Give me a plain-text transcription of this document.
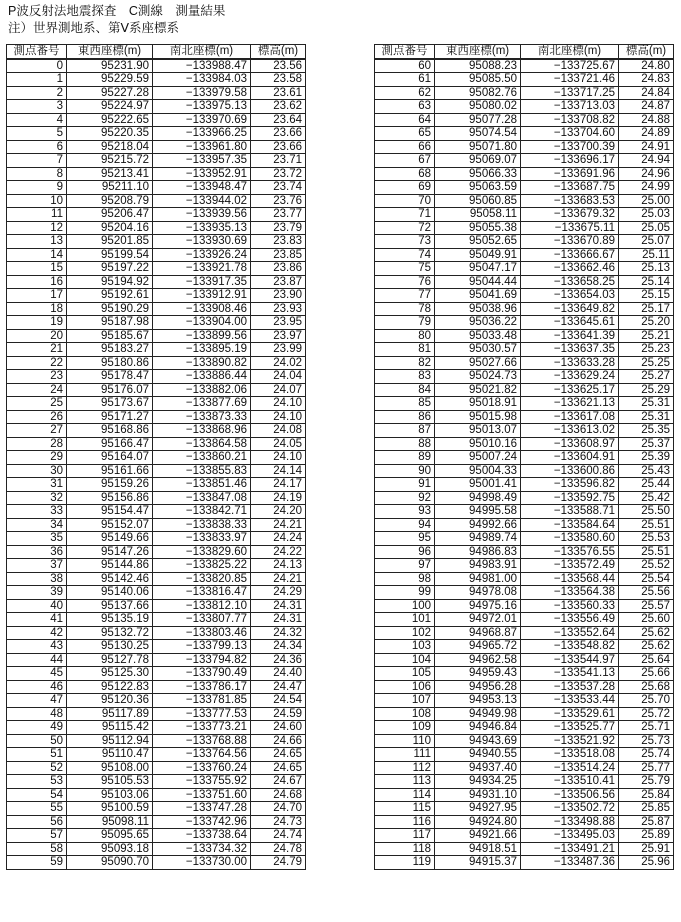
P波反射法地震探査　C測線　測量結果
注）世界測地系、第Ⅴ系座標系
測点番号	東西座標(m)	南北座標(m)	標高(m)
0	95231.90	−133988.47	23.56
1	95229.59	−133984.03	23.58
2	95227.28	−133979.58	23.61
3	95224.97	−133975.13	23.62
4	95222.65	−133970.69	23.64
5	95220.35	−133966.25	23.66
6	95218.04	−133961.80	23.66
7	95215.72	−133957.35	23.71
8	95213.41	−133952.91	23.72
9	95211.10	−133948.47	23.74
10	95208.79	−133944.02	23.76
11	95206.47	−133939.56	23.77
12	95204.16	−133935.13	23.79
13	95201.85	−133930.69	23.83
14	95199.54	−133926.24	23.85
15	95197.22	−133921.78	23.86
16	95194.92	−133917.35	23.87
17	95192.61	−133912.91	23.90
18	95190.29	−133908.46	23.93
19	95187.98	−133904.00	23.95
20	95185.67	−133899.56	23.97
21	95183.27	−133895.19	23.99
22	95180.86	−133890.82	24.02
23	95178.47	−133886.44	24.04
24	95176.07	−133882.06	24.07
25	95173.67	−133877.69	24.10
26	95171.27	−133873.33	24.10
27	95168.86	−133868.96	24.08
28	95166.47	−133864.58	24.05
29	95164.07	−133860.21	24.10
30	95161.66	−133855.83	24.14
31	95159.26	−133851.46	24.17
32	95156.86	−133847.08	24.19
33	95154.47	−133842.71	24.20
34	95152.07	−133838.33	24.21
35	95149.66	−133833.97	24.24
36	95147.26	−133829.60	24.22
37	95144.86	−133825.22	24.13
38	95142.46	−133820.85	24.21
39	95140.06	−133816.47	24.29
40	95137.66	−133812.10	24.31
41	95135.19	−133807.77	24.31
42	95132.72	−133803.46	24.32
43	95130.25	−133799.13	24.34
44	95127.78	−133794.82	24.36
45	95125.30	−133790.49	24.40
46	95122.83	−133786.17	24.47
47	95120.36	−133781.85	24.54
48	95117.89	−133777.53	24.59
49	95115.42	−133773.21	24.60
50	95112.94	−133768.88	24.66
51	95110.47	−133764.56	24.65
52	95108.00	−133760.24	24.65
53	95105.53	−133755.92	24.67
54	95103.06	−133751.60	24.68
55	95100.59	−133747.28	24.70
56	95098.11	−133742.96	24.73
57	95095.65	−133738.64	24.74
58	95093.18	−133734.32	24.78
59	95090.70	−133730.00	24.79
測点番号	東西座標(m)	南北座標(m)	標高(m)
60	95088.23	−133725.67	24.80
61	95085.50	−133721.46	24.83
62	95082.76	−133717.25	24.84
63	95080.02	−133713.03	24.87
64	95077.28	−133708.82	24.88
65	95074.54	−133704.60	24.89
66	95071.80	−133700.39	24.91
67	95069.07	−133696.17	24.94
68	95066.33	−133691.96	24.96
69	95063.59	−133687.75	24.99
70	95060.85	−133683.53	25.00
71	95058.11	−133679.32	25.03
72	95055.38	−133675.11	25.05
73	95052.65	−133670.89	25.07
74	95049.91	−133666.67	25.11
75	95047.17	−133662.46	25.13
76	95044.44	−133658.25	25.14
77	95041.69	−133654.03	25.15
78	95038.96	−133649.82	25.17
79	95036.22	−133645.61	25.20
80	95033.48	−133641.39	25.21
81	95030.57	−133637.35	25.23
82	95027.66	−133633.28	25.25
83	95024.73	−133629.24	25.27
84	95021.82	−133625.17	25.29
85	95018.91	−133621.13	25.31
86	95015.98	−133617.08	25.31
87	95013.07	−133613.02	25.35
88	95010.16	−133608.97	25.37
89	95007.24	−133604.91	25.39
90	95004.33	−133600.86	25.43
91	95001.41	−133596.82	25.44
92	94998.49	−133592.75	25.42
93	94995.58	−133588.71	25.50
94	94992.66	−133584.64	25.51
95	94989.74	−133580.60	25.53
96	94986.83	−133576.55	25.51
97	94983.91	−133572.49	25.52
98	94981.00	−133568.44	25.54
99	94978.08	−133564.38	25.56
100	94975.16	−133560.33	25.57
101	94972.01	−133556.49	25.60
102	94968.87	−133552.64	25.62
103	94965.72	−133548.82	25.62
104	94962.58	−133544.97	25.64
105	94959.43	−133541.13	25.66
106	94956.28	−133537.28	25.68
107	94953.13	−133533.44	25.70
108	94949.98	−133529.61	25.72
109	94946.84	−133525.77	25.71
110	94943.69	−133521.92	25.73
111	94940.55	−133518.08	25.74
112	94937.40	−133514.24	25.77
113	94934.25	−133510.41	25.79
114	94931.10	−133506.56	25.84
115	94927.95	−133502.72	25.85
116	94924.80	−133498.88	25.87
117	94921.66	−133495.03	25.89
118	94918.51	−133491.21	25.91
119	94915.37	−133487.36	25.96
